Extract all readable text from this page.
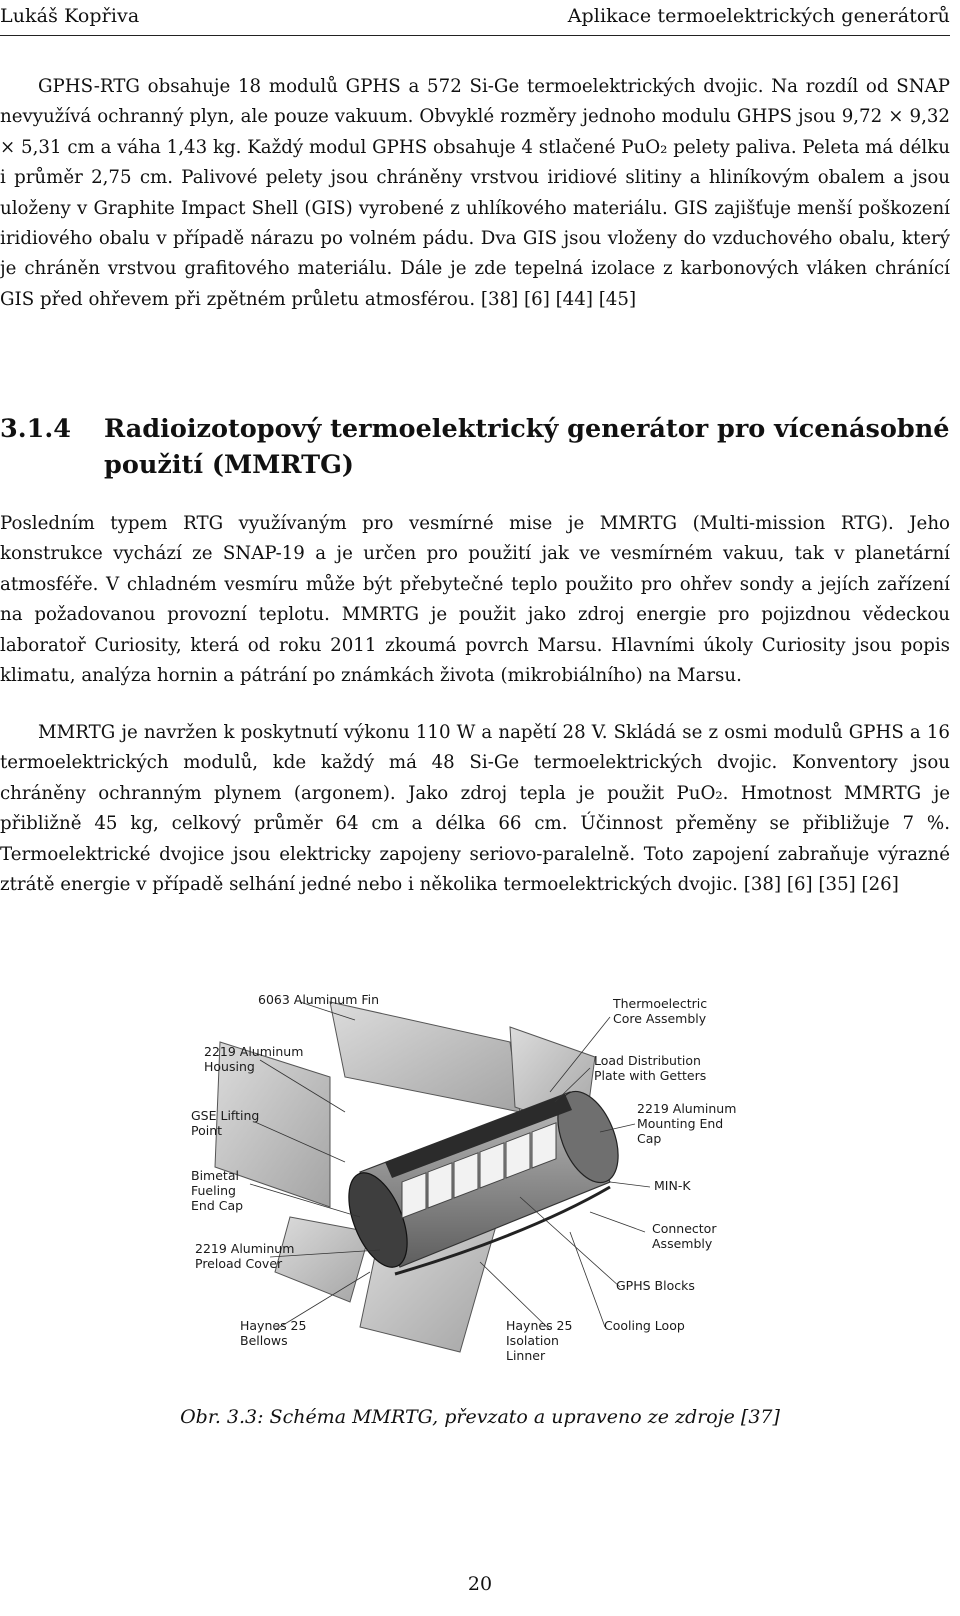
Lukáš Kopřiva	Aplikace termoelektrických generátorů

GPHS-RTG obsahuje 18 modulů GPHS a 572 Si-Ge termoelektrických dvojic. Na rozdíl od SNAP nevyužívá ochranný plyn, ale pouze vakuum. Obvyklé rozměry jednoho modulu GHPS jsou 9,72 × 9,32 × 5,31 cm a váha 1,43 kg. Každý modul GPHS obsahuje 4 stlačené PuO₂ pelety paliva. Peleta má délku i průměr 2,75 cm. Palivové pelety jsou chráněny vrstvou iridiové slitiny a hliníkovým obalem a jsou uloženy v Graphite Impact Shell (GIS) vyrobené z uhlíkového materiálu. GIS zajišťuje menší poškození iridiového obalu v případě nárazu po volném pádu. Dva GIS jsou vloženy do vzduchového obalu, který je chráněn vrstvou grafitového materiálu. Dále je zde tepelná izolace z karbonových vláken chránící GIS před ohřevem při zpětném průletu atmosférou. [38] [6] [44] [45]

3.1.4 Radioizotopový termoelektrický generátor pro vícenásobné použití (MMRTG)

Posledním typem RTG využívaným pro vesmírné mise je MMRTG (Multi-mission RTG). Jeho konstrukce vychází ze SNAP-19 a je určen pro použití jak ve vesmírném vakuu, tak v planetární atmosféře. V chladném vesmíru může být přebytečné teplo použito pro ohřev sondy a jejích zařízení na požadovanou provozní teplotu. MMRTG je použit jako zdroj energie pro pojizdnou vědeckou laboratoř Curiosity, která od roku 2011 zkoumá povrch Marsu. Hlavními úkoly Curiosity jsou popis klimatu, analýza hornin a pátrání po známkách života (mikrobiálního) na Marsu.

MMRTG je navržen k poskytnutí výkonu 110 W a napětí 28 V. Skládá se z osmi modulů GPHS a 16 termoelektrických modulů, kde každý má 48 Si-Ge termoelektrických dvojic. Konventory jsou chráněny ochranným plynem (argonem). Jako zdroj tepla je použit PuO₂. Hmotnost MMRTG je přibližně 45 kg, celkový průměr 64 cm a délka 66 cm. Účinnost přeměny se přibližuje 7 %. Termoelektrické dvojice jsou elektricky zapojeny seriovo-paralelně. Toto zapojení zabraňuje výrazné ztrátě energie v případě selhání jedné nebo i několika termoelektrických dvojic. [38] [6] [35] [26]

6063 Aluminum Fin	Thermoelectric
Core Assembly
2219 Aluminum
Housing	Load Distribution
Plate with Getters
GSE Lifting
Point
2219 Aluminum
Mounting End
Cap
Bimetal
Fueling
End Cap
MIN-K
Connector
Assembly
2219 Aluminum
Preload Cover
GPHS Blocks
Haynes 25
Bellows
Haynes 25
Isolation
Linner
Cooling Loop
Obr. 3.3: Schéma MMRTG, převzato a upraveno ze zdroje [37]
20
